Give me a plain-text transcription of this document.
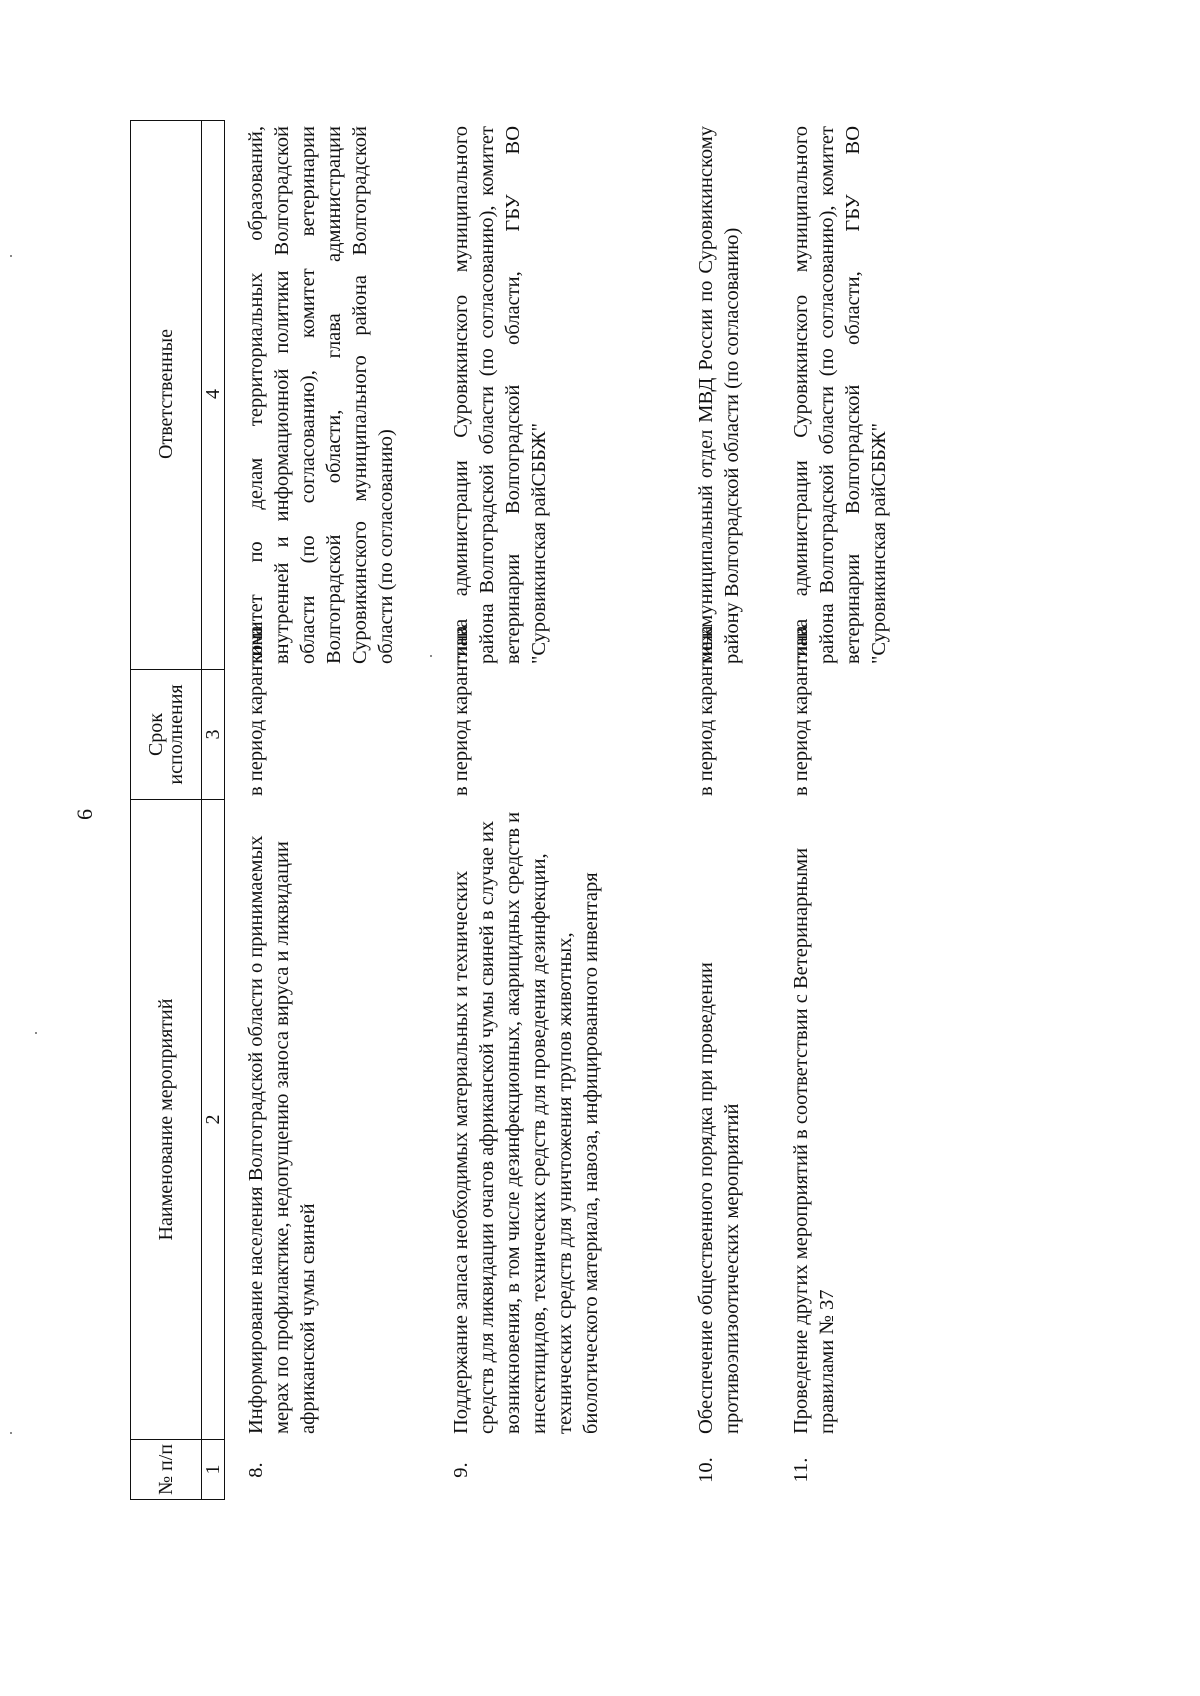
6
№ п/п
Наименование мероприятий
Срок исполнения
Ответственные
1
2
3
4
8.
Информирование населения Волгоградской области о принимаемых мерах по профилактике, недопущению заноса вируса и ликвидации африканской чумы свиней
в период карантина
комитет по делам территориальных образований, внутренней и информационной политики Волгоградской области (по согласованию), комитет ветеринарии Волгоградской области, глава администрации Суровикинского муниципального района Волгоградской области (по согласованию)
9.
Поддержание запаса необходимых материальных и технических средств для ликвидации очагов африканской чумы свиней в случае их возникновения, в том числе дезинфекционных, акарицидных средств и инсектицидов, технических средств для проведения дезинфекции, технических средств для уничтожения трупов животных, биологического материала, навоза, инфицированного инвентаря
в период карантина
глава администрации Суровикинского муниципального района Волгоградской области (по согласованию), комитет ветеринарии Волгоградской области, ГБУ ВО "Суровикинская райСББЖ"
10.
Обеспечение общественного порядка при проведении противоэпизоотических мероприятий
в период карантина
межмуниципальный отдел МВД России по Суровикинскому району Волгоградской области (по согласованию)
11.
Проведение других мероприятий в соответствии с Ветеринарными правилами № 37
в период карантина
глава администрации Суровикинского муниципального района Волгоградской области (по согласованию), комитет ветеринарии Волгоградской области, ГБУ ВО "Суровикинская райСББЖ"
